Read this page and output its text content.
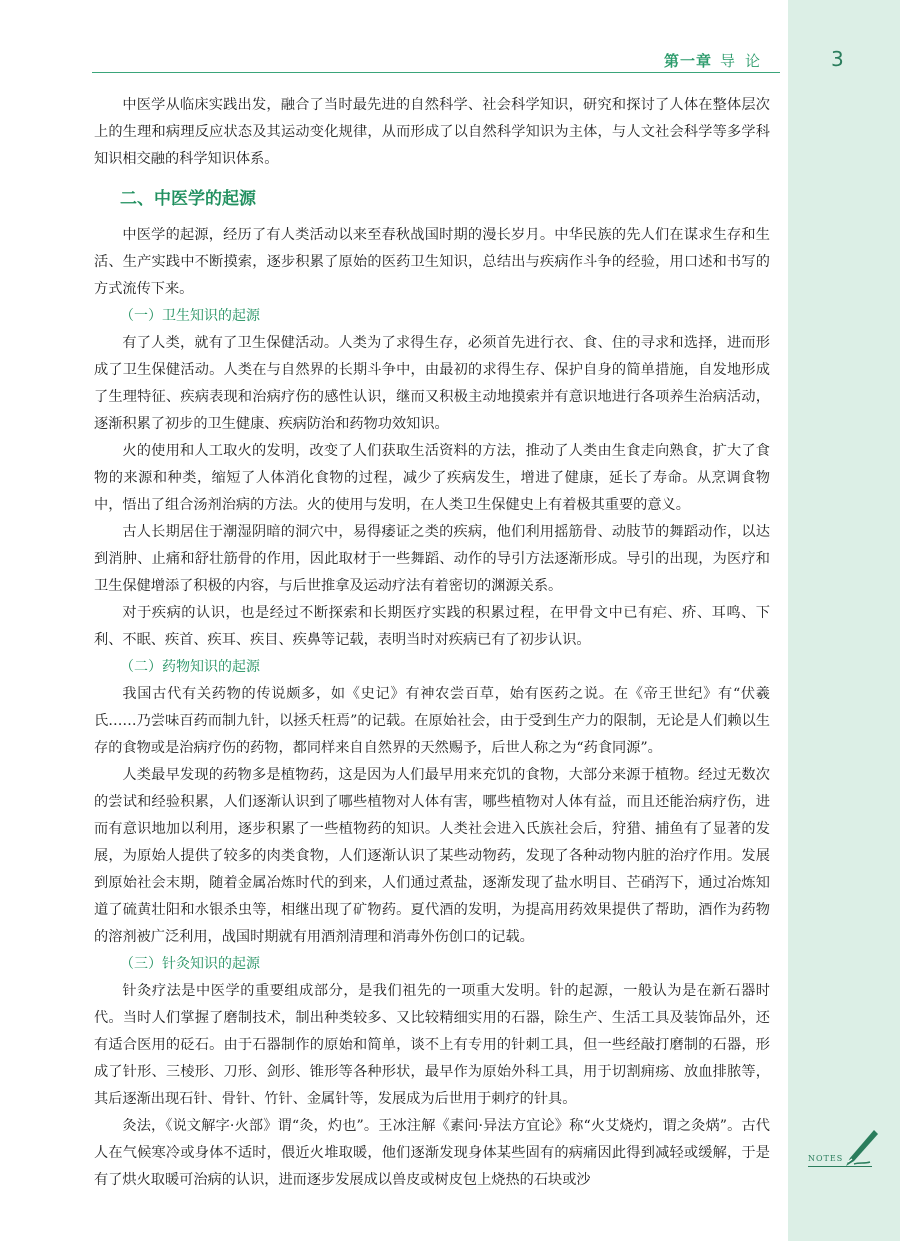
第一章 导论	3

中医学从临床实践出发，融合了当时最先进的自然科学、社会科学知识，研究和探讨了人体在整体层次上的生理和病理反应状态及其运动变化规律，从而形成了以自然科学知识为主体，与人文社会科学等多学科知识相交融的科学知识体系。

二、中医学的起源

中医学的起源，经历了有人类活动以来至春秋战国时期的漫长岁月。中华民族的先人们在谋求生存和生活、生产实践中不断摸索，逐步积累了原始的医药卫生知识，总结出与疾病作斗争的经验，用口述和书写的方式流传下来。

（一）卫生知识的起源

有了人类，就有了卫生保健活动。人类为了求得生存，必须首先进行衣、食、住的寻求和选择，进而形成了卫生保健活动。人类在与自然界的长期斗争中，由最初的求得生存、保护自身的简单措施，自发地形成了生理特征、疾病表现和治病疗伤的感性认识，继而又积极主动地摸索并有意识地进行各项养生治病活动，逐渐积累了初步的卫生健康、疾病防治和药物功效知识。

火的使用和人工取火的发明，改变了人们获取生活资料的方法，推动了人类由生食走向熟食，扩大了食物的来源和种类，缩短了人体消化食物的过程，减少了疾病发生，增进了健康，延长了寿命。从烹调食物中，悟出了组合汤剂治病的方法。火的使用与发明，在人类卫生保健史上有着极其重要的意义。

古人长期居住于潮湿阴暗的洞穴中，易得痿证之类的疾病，他们利用摇筋骨、动肢节的舞蹈动作，以达到消肿、止痛和舒壮筋骨的作用，因此取材于一些舞蹈、动作的导引方法逐渐形成。导引的出现，为医疗和卫生保健增添了积极的内容，与后世推拿及运动疗法有着密切的渊源关系。

对于疾病的认识，也是经过不断探索和长期医疗实践的积累过程，在甲骨文中已有疟、疥、耳鸣、下利、不眠、疾首、疾耳、疾目、疾鼻等记载，表明当时对疾病已有了初步认识。

（二）药物知识的起源

我国古代有关药物的传说颇多，如《史记》有神农尝百草，始有医药之说。在《帝王世纪》有“伏羲氏……乃尝味百药而制九针，以拯夭枉焉”的记载。在原始社会，由于受到生产力的限制，无论是人们赖以生存的食物或是治病疗伤的药物，都同样来自自然界的天然赐予，后世人称之为“药食同源”。

人类最早发现的药物多是植物药，这是因为人们最早用来充饥的食物，大部分来源于植物。经过无数次的尝试和经验积累，人们逐渐认识到了哪些植物对人体有害，哪些植物对人体有益，而且还能治病疗伤，进而有意识地加以利用，逐步积累了一些植物药的知识。人类社会进入氏族社会后，狩猎、捕鱼有了显著的发展，为原始人提供了较多的肉类食物，人们逐渐认识了某些动物药，发现了各种动物内脏的治疗作用。发展到原始社会末期，随着金属冶炼时代的到来，人们通过煮盐，逐渐发现了盐水明目、芒硝泻下，通过冶炼知道了硫黄壮阳和水银杀虫等，相继出现了矿物药。夏代酒的发明，为提高用药效果提供了帮助，酒作为药物的溶剂被广泛利用，战国时期就有用酒剂清理和消毒外伤创口的记载。

（三）针灸知识的起源

针灸疗法是中医学的重要组成部分，是我们祖先的一项重大发明。针的起源，一般认为是在新石器时代。当时人们掌握了磨制技术，制出种类较多、又比较精细实用的石器，除生产、生活工具及装饰品外，还有适合医用的砭石。由于石器制作的原始和简单，谈不上有专用的针刺工具，但一些经敲打磨制的石器，形成了针形、三棱形、刀形、剑形、锥形等各种形状，最早作为原始外科工具，用于切割痈疡、放血排脓等，其后逐渐出现石针、骨针、竹针、金属针等，发展成为后世用于刺疗的针具。

灸法，《说文解字·火部》谓“灸，灼也”。王冰注解《素问·异法方宜论》称“火艾烧灼，谓之灸焫”。古代人在气候寒冷或身体不适时，偎近火堆取暖，他们逐渐发现身体某些固有的病痛因此得到减轻或缓解，于是有了烘火取暖可治病的认识，进而逐步发展成以兽皮或树皮包上烧热的石块或沙

NOTES
